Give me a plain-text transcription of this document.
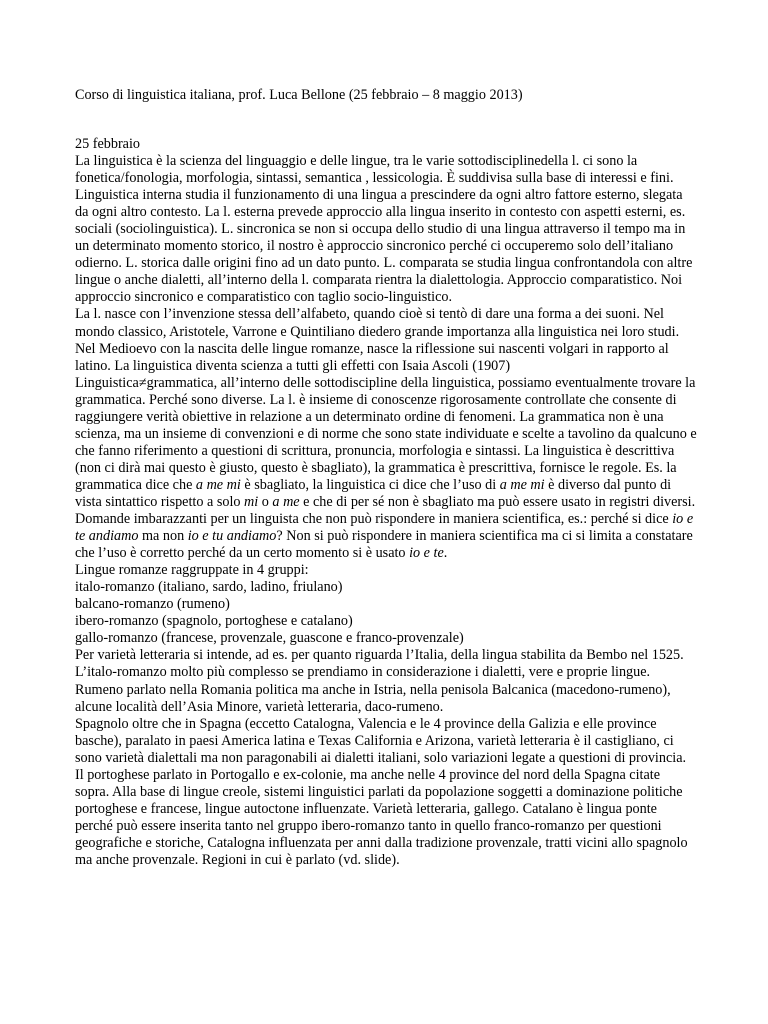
Corso di linguistica italiana, prof. Luca Bellone (25 febbraio – 8 maggio 2013)

25 febbraio

La linguistica è la scienza del linguaggio e delle lingue, tra le varie sottodisciplinedella l. ci sono la fonetica/fonologia, morfologia, sintassi, semantica , lessicologia. È suddivisa sulla base di interessi e fini. Linguistica interna studia il funzionamento di una lingua a prescindere da ogni altro fattore esterno, slegata da ogni altro contesto. La l. esterna prevede approccio alla lingua inserito in contesto con aspetti esterni, es. sociali (sociolinguistica). L. sincronica se non si occupa dello studio di una lingua attraverso il tempo ma in un determinato momento storico, il nostro è approccio sincronico perché ci occuperemo solo dell’italiano odierno. L. storica dalle origini fino ad un dato punto. L. comparata se studia lingua confrontandola con altre lingue o anche dialetti, all’interno della l. comparata rientra la dialettologia. Approccio comparatistico. Noi approccio sincronico e comparatistico con taglio socio-linguistico.

La l. nasce con l’invenzione stessa dell’alfabeto, quando cioè si tentò di dare una forma a dei suoni. Nel mondo classico, Aristotele, Varrone e Quintiliano diedero grande importanza alla linguistica nei loro studi. Nel Medioevo con la nascita delle lingue romanze, nasce la riflessione sui nascenti volgari in rapporto al latino. La linguistica diventa scienza a tutti gli effetti con Isaia Ascoli (1907)

Linguistica≠grammatica, all’interno delle sottodiscipline della linguistica, possiamo eventualmente trovare la grammatica. Perché sono diverse. La l. è insieme di conoscenze rigorosamente controllate che consente di raggiungere verità obiettive in relazione a un determinato ordine di fenomeni. La grammatica non è una scienza, ma un insieme di convenzioni e di norme che sono state individuate e scelte a tavolino da qualcuno e che fanno riferimento a questioni di scrittura, pronuncia, morfologia e sintassi. La linguistica è descrittiva (non ci dirà mai questo è giusto, questo è sbagliato), la grammatica è prescrittiva, fornisce le regole. Es. la grammatica dice che a me mi è sbagliato, la linguistica ci dice che l’uso di a me mi è diverso dal punto di vista sintattico rispetto a solo mi o a me e che di per sé non è sbagliato ma può essere usato in registri diversi. Domande imbarazzanti per un linguista che non può rispondere in maniera scientifica, es.: perché si dice io e te andiamo ma non io e tu andiamo? Non si può rispondere in maniera scientifica ma ci si limita a constatare che l’uso è corretto perché da un certo momento si è usato io e te.

Lingue romanze raggruppate in 4 gruppi:

italo-romanzo (italiano, sardo, ladino, friulano)

balcano-romanzo (rumeno)

ibero-romanzo (spagnolo, portoghese e catalano)

gallo-romanzo (francese, provenzale, guascone e franco-provenzale)

Per varietà letteraria si intende, ad es. per quanto riguarda l’Italia, della lingua stabilita da Bembo nel 1525.

L’italo-romanzo molto più complesso se prendiamo in considerazione i dialetti, vere e proprie lingue.

Rumeno parlato nella Romania politica ma anche in Istria, nella penisola Balcanica (macedono-rumeno), alcune località dell’Asia Minore, varietà letteraria, daco-rumeno.

Spagnolo oltre che in Spagna (eccetto Catalogna, Valencia e le 4 province della Galizia e elle province basche), paralato in paesi America latina e Texas California e Arizona, varietà letteraria è il castigliano, ci sono varietà dialettali ma non paragonabili ai dialetti italiani, solo variazioni legate a questioni di provincia. Il portoghese parlato in Portogallo e ex-colonie, ma anche nelle 4 province del nord della Spagna citate sopra. Alla base di lingue creole, sistemi linguistici parlati da popolazione soggetti a dominazione politiche portoghese e francese, lingue autoctone influenzate. Varietà letteraria, gallego. Catalano è lingua ponte perché può essere inserita tanto nel gruppo ibero-romanzo tanto in quello franco-romanzo per questioni geografiche e storiche, Catalogna influenzata per anni dalla tradizione provenzale, tratti vicini allo spagnolo ma anche provenzale. Regioni in cui è parlato (vd. slide).
